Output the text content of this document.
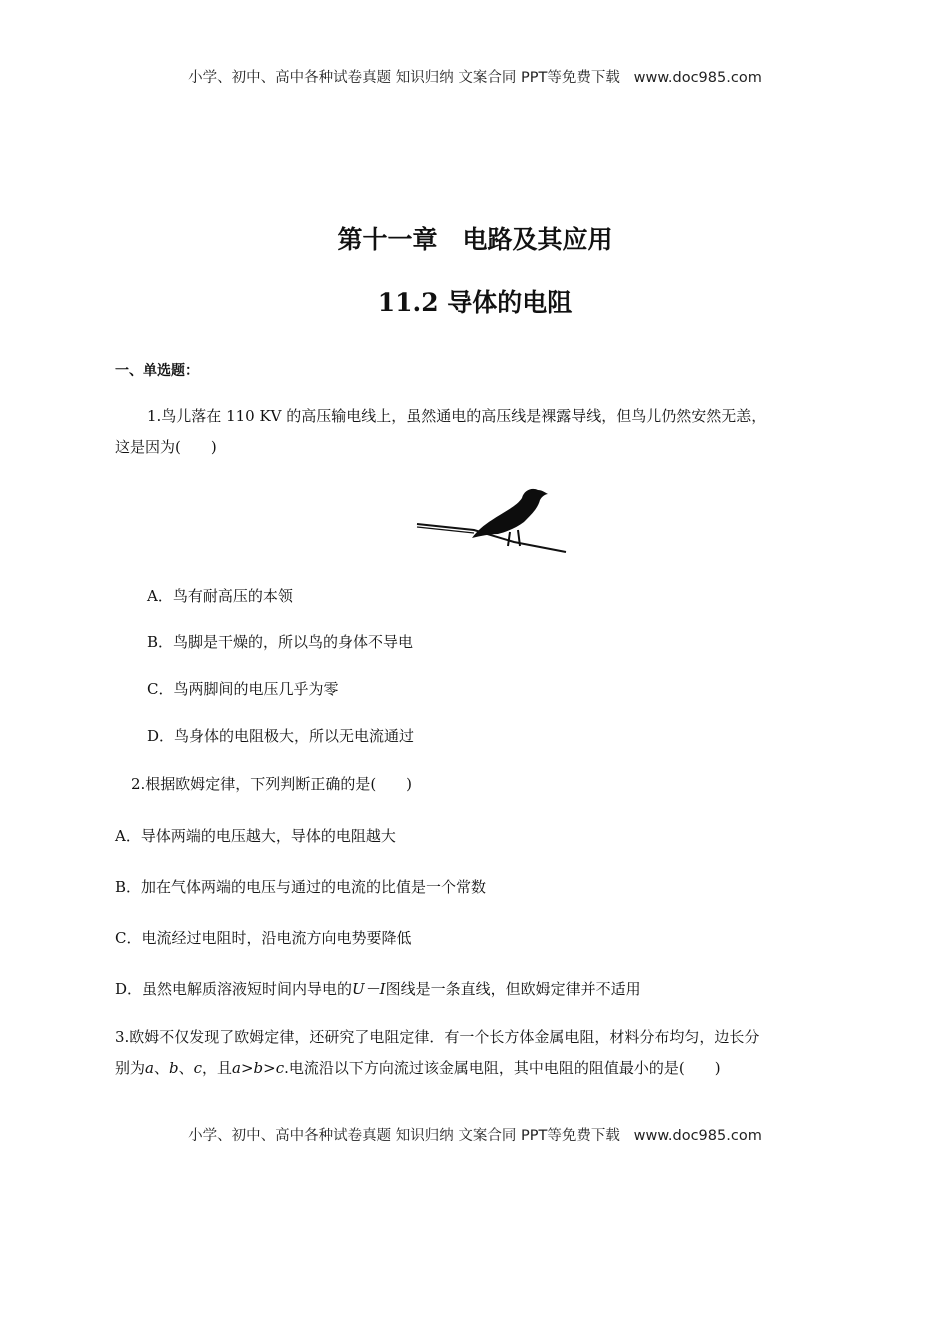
小学、初中、高中各种试卷真题 知识归纳 文案合同 PPT等免费下载 www.doc985.com
第十一章　电路及其应用
11.2 导体的电阻
一、单选题：
1.鸟儿落在 110 KV 的高压输电线上，虽然通电的高压线是裸露导线，但鸟儿仍然安然无恙，
这是因为(　　)
A．鸟有耐高压的本领
B．鸟脚是干燥的，所以鸟的身体不导电
C．鸟两脚间的电压几乎为零
D．鸟身体的电阻极大，所以无电流通过
2.根据欧姆定律，下列判断正确的是(　　)
A．导体两端的电压越大，导体的电阻越大
B．加在气体两端的电压与通过的电流的比值是一个常数
C．电流经过电阻时，沿电流方向电势要降低
D．虽然电解质溶液短时间内导电的U－I图线是一条直线，但欧姆定律并不适用
3.欧姆不仅发现了欧姆定律，还研究了电阻定律．有一个长方体金属电阻，材料分布均匀，边长分
别为a、b、c，且a>b>c.电流沿以下方向流过该金属电阻，其中电阻的阻值最小的是(　　)
小学、初中、高中各种试卷真题 知识归纳 文案合同 PPT等免费下载 www.doc985.com
